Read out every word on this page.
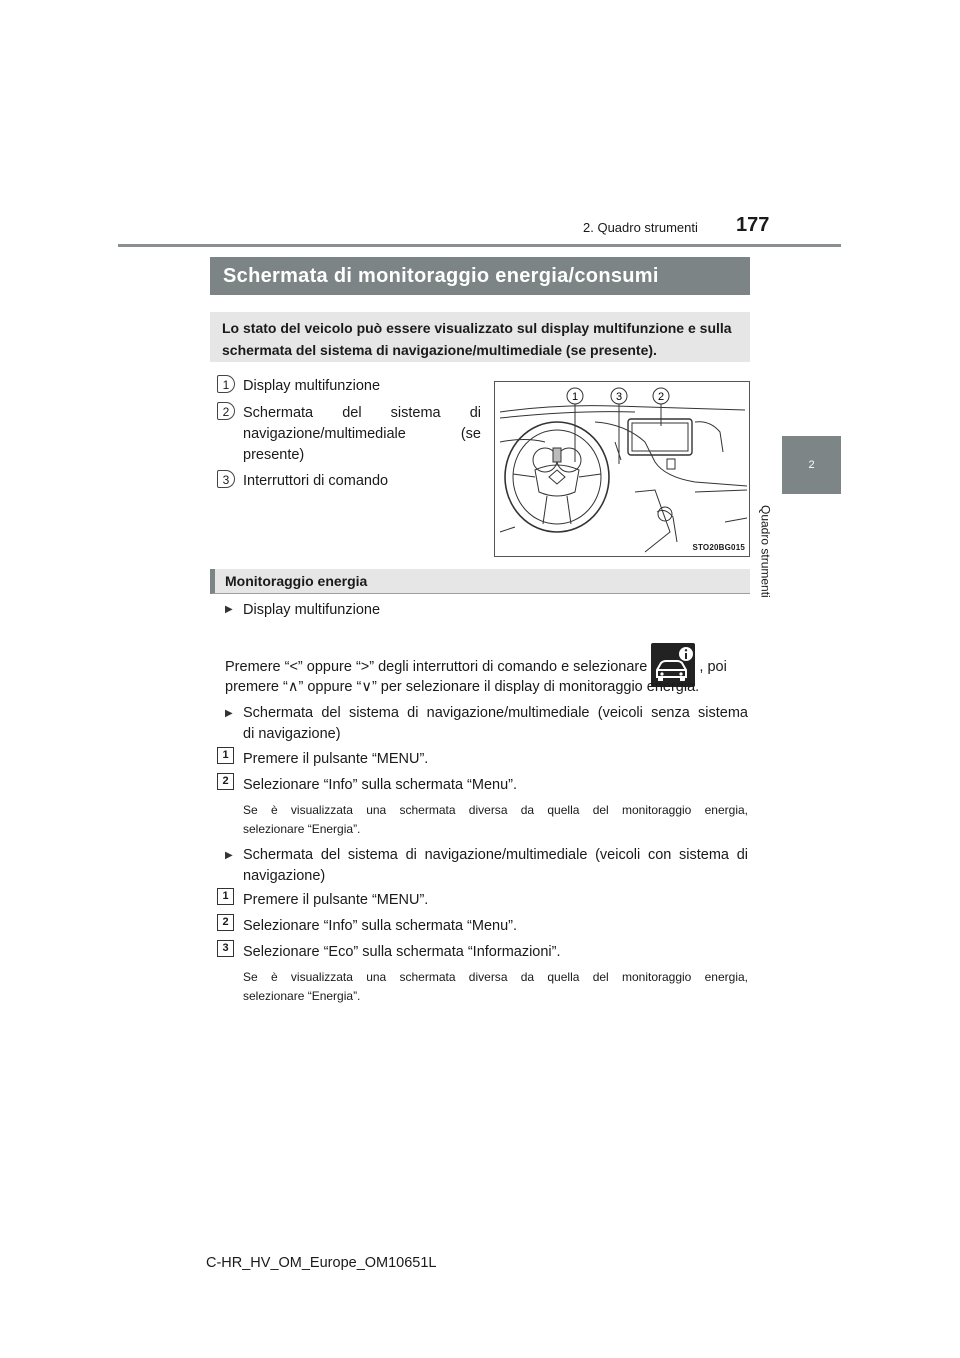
2. Quadro strumenti 177
2
Quadro strumenti
Schermata di monitoraggio energia/consumi
Lo stato del veicolo può essere visualizzato sul display multifunzione e sulla schermata del sistema di navigazione/multimediale (se presente).
1 Display multifunzione
2 Schermata del sistema di
navigazione/multimediale (se
presente)
3 Interruttori di comando
1	3	2
STO20BG015
Monitoraggio energia
▶ Display multifunzione
Premere “<” oppure “>” degli interruttori di comando e selezionare	, poi
premere “∧” oppure “∨” per selezionare il display di monitoraggio energia.
▶ Schermata del sistema di navigazione/multimediale (veicoli senza sistema
di navigazione)
1 Premere il pulsante “MENU”.
2 Selezionare “Info” sulla schermata “Menu”.
Se è visualizzata una schermata diversa da quella del monitoraggio energia,
selezionare “Energia”.
▶ Schermata del sistema di navigazione/multimediale (veicoli con sistema di
navigazione)
1 Premere il pulsante “MENU”.
2 Selezionare “Info” sulla schermata “Menu”.
3 Selezionare “Eco” sulla schermata “Informazioni”.
Se è visualizzata una schermata diversa da quella del monitoraggio energia,
selezionare “Energia”.
C-HR_HV_OM_Europe_OM10651L
